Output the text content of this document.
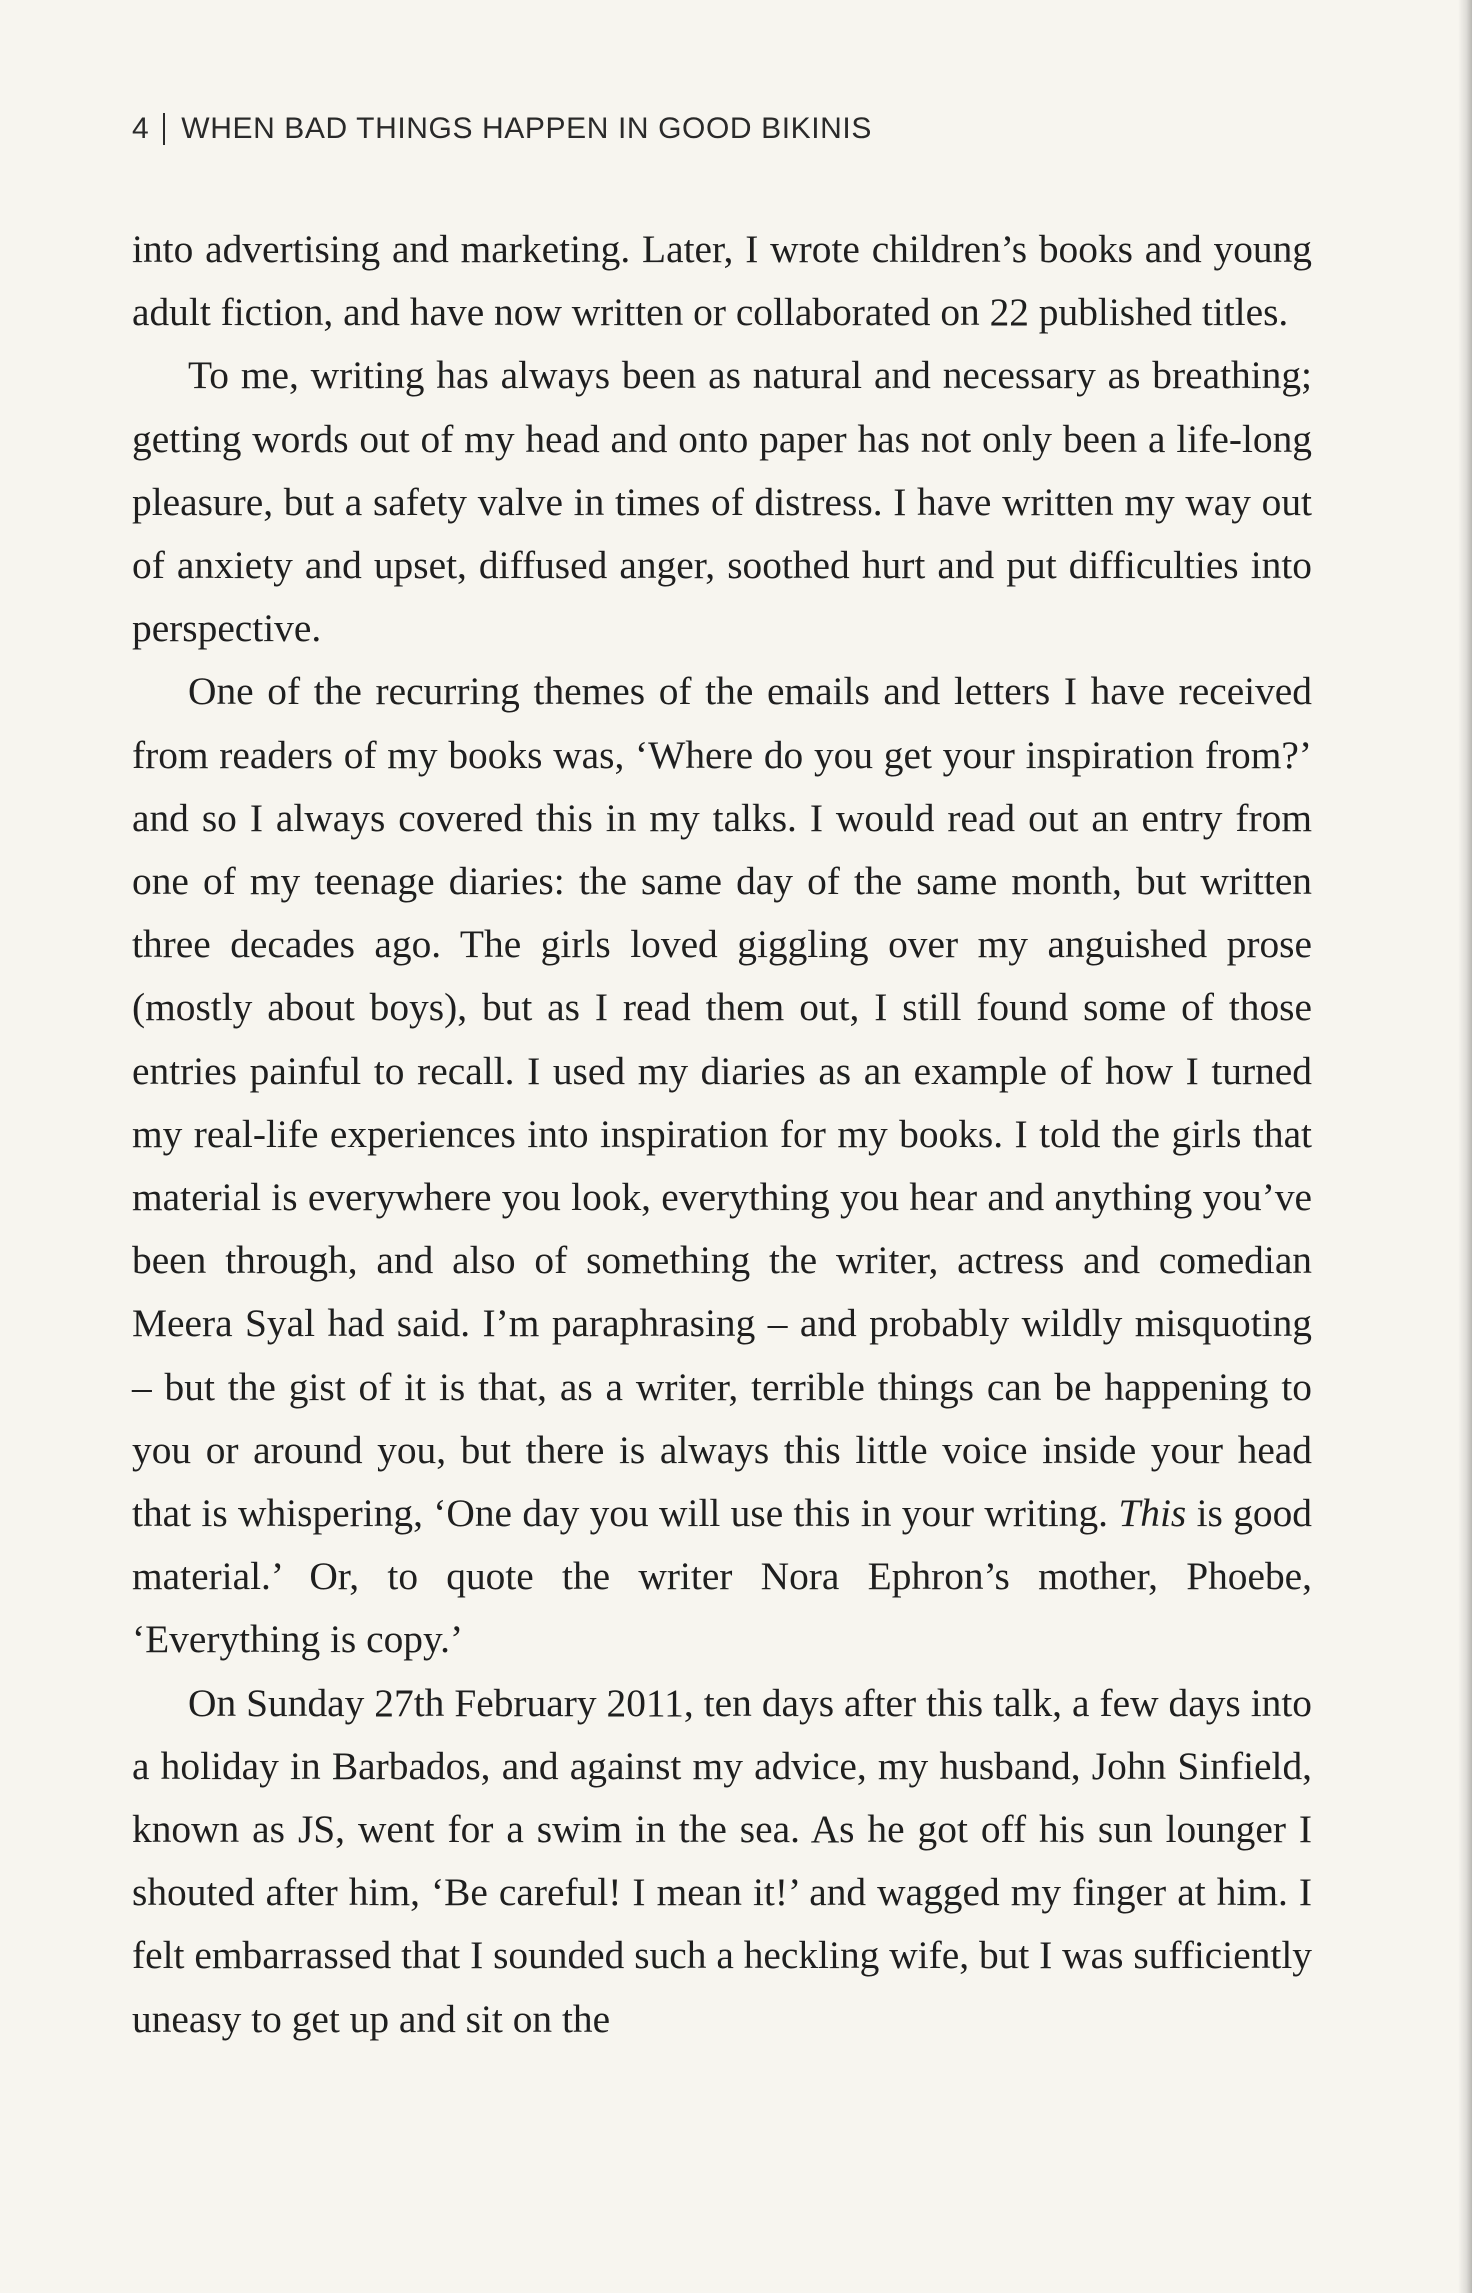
4 WHEN BAD THINGS HAPPEN IN GOOD BIKINIS

into advertising and marketing. Later, I wrote children’s books and young adult fiction, and have now written or collaborated on 22 published titles.

To me, writing has always been as natural and necessary as breathing; getting words out of my head and onto paper has not only been a life-long pleasure, but a safety valve in times of distress. I have written my way out of anxiety and upset, diffused anger, soothed hurt and put difficulties into perspective.

One of the recurring themes of the emails and letters I have received from readers of my books was, ‘Where do you get your inspiration from?’ and so I always covered this in my talks. I would read out an entry from one of my teenage diaries: the same day of the same month, but written three decades ago. The girls loved giggling over my anguished prose (mostly about boys), but as I read them out, I still found some of those entries painful to recall. I used my diaries as an example of how I turned my real-life experiences into inspiration for my books. I told the girls that material is everywhere you look, everything you hear and anything you’ve been through, and also of something the writer, actress and comedian Meera Syal had said. I’m paraphrasing – and probably wildly misquoting – but the gist of it is that, as a writer, terrible things can be happening to you or around you, but there is always this little voice inside your head that is whispering, ‘One day you will use this in your writing. This is good material.’ Or, to quote the writer Nora Ephron’s mother, Phoebe, ‘Everything is copy.’

On Sunday 27th February 2011, ten days after this talk, a few days into a holiday in Barbados, and against my advice, my husband, John Sinfield, known as JS, went for a swim in the sea. As he got off his sun lounger I shouted after him, ‘Be careful! I mean it!’ and wagged my finger at him. I felt embarrassed that I sounded such a heckling wife, but I was sufficiently uneasy to get up and sit on the
